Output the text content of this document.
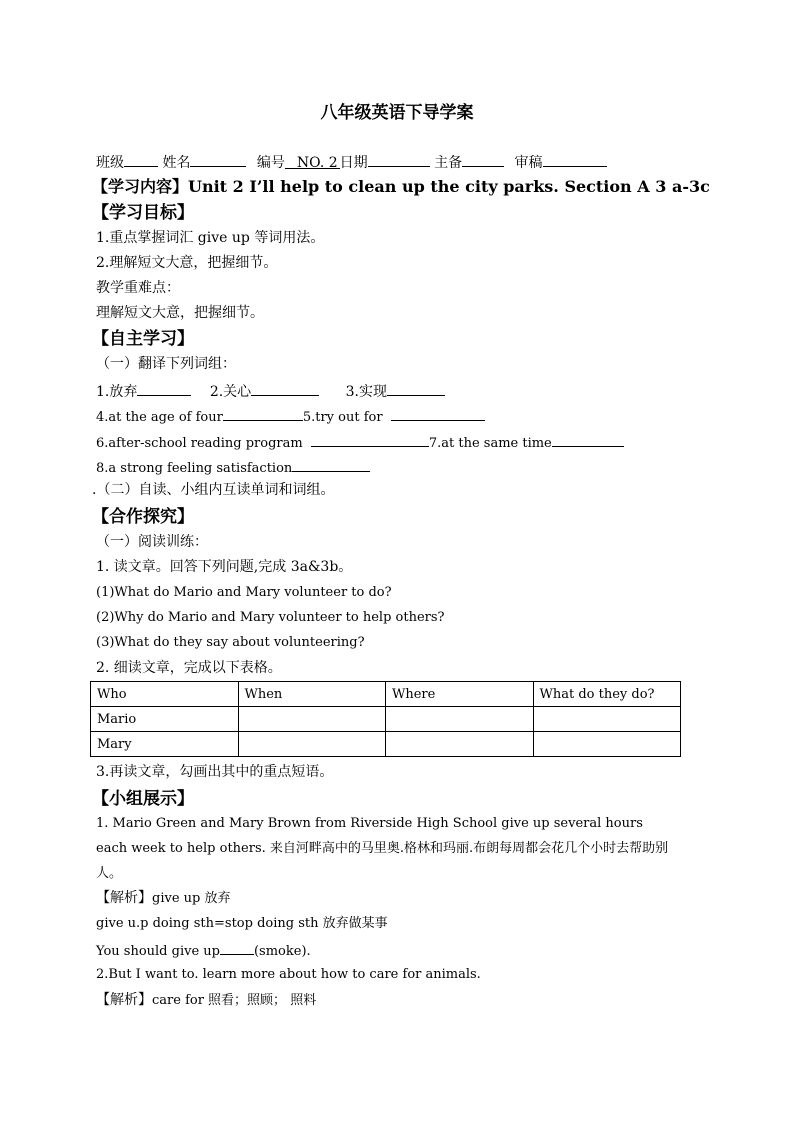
八年级英语下导学案
班级	姓名	编号 NO. 2 日期	主备	审稿
【学习内容】Unit 2 I’ll help to clean up the city parks. Section A 3 a-3c
【学习目标】
1.重点掌握词汇 give up 等词用法。
2.理解短文大意，把握细节。
教学重难点：
理解短文大意，把握细节。
【自主学习】
（一）翻译下列词组：
1.放弃	2.关心	3.实现
4.at the age of four	5.try out for
6.after-school reading program	7.at the same time
8.a strong feeling satisfaction
.（二）自读、小组内互读单词和词组。
【合作探究】
（一）阅读训练：
1. 读文章。回答下列问题,完成 3a&3b。
(1)What do Mario and Mary volunteer to do?
(2)Why do Mario and Mary volunteer to help others?
(3)What do they say about volunteering?
2. 细读文章，完成以下表格。
Who	When	Where	What do they do?
Mario			
Mary			
3.再读文章，勾画出其中的重点短语。
【小组展示】
1. Mario Green and Mary Brown from Riverside High School give up several hours each week to help others. 来自河畔高中的马里奥.格林和玛丽.布朗每周都会花几个小时去帮助别人。
【解析】give up 放弃
give u.p doing sth=stop doing sth 放弃做某事
You should give up	(smoke).
2.But I want to. learn more about how to care for animals.
【解析】care for 照看；照顾； 照料
